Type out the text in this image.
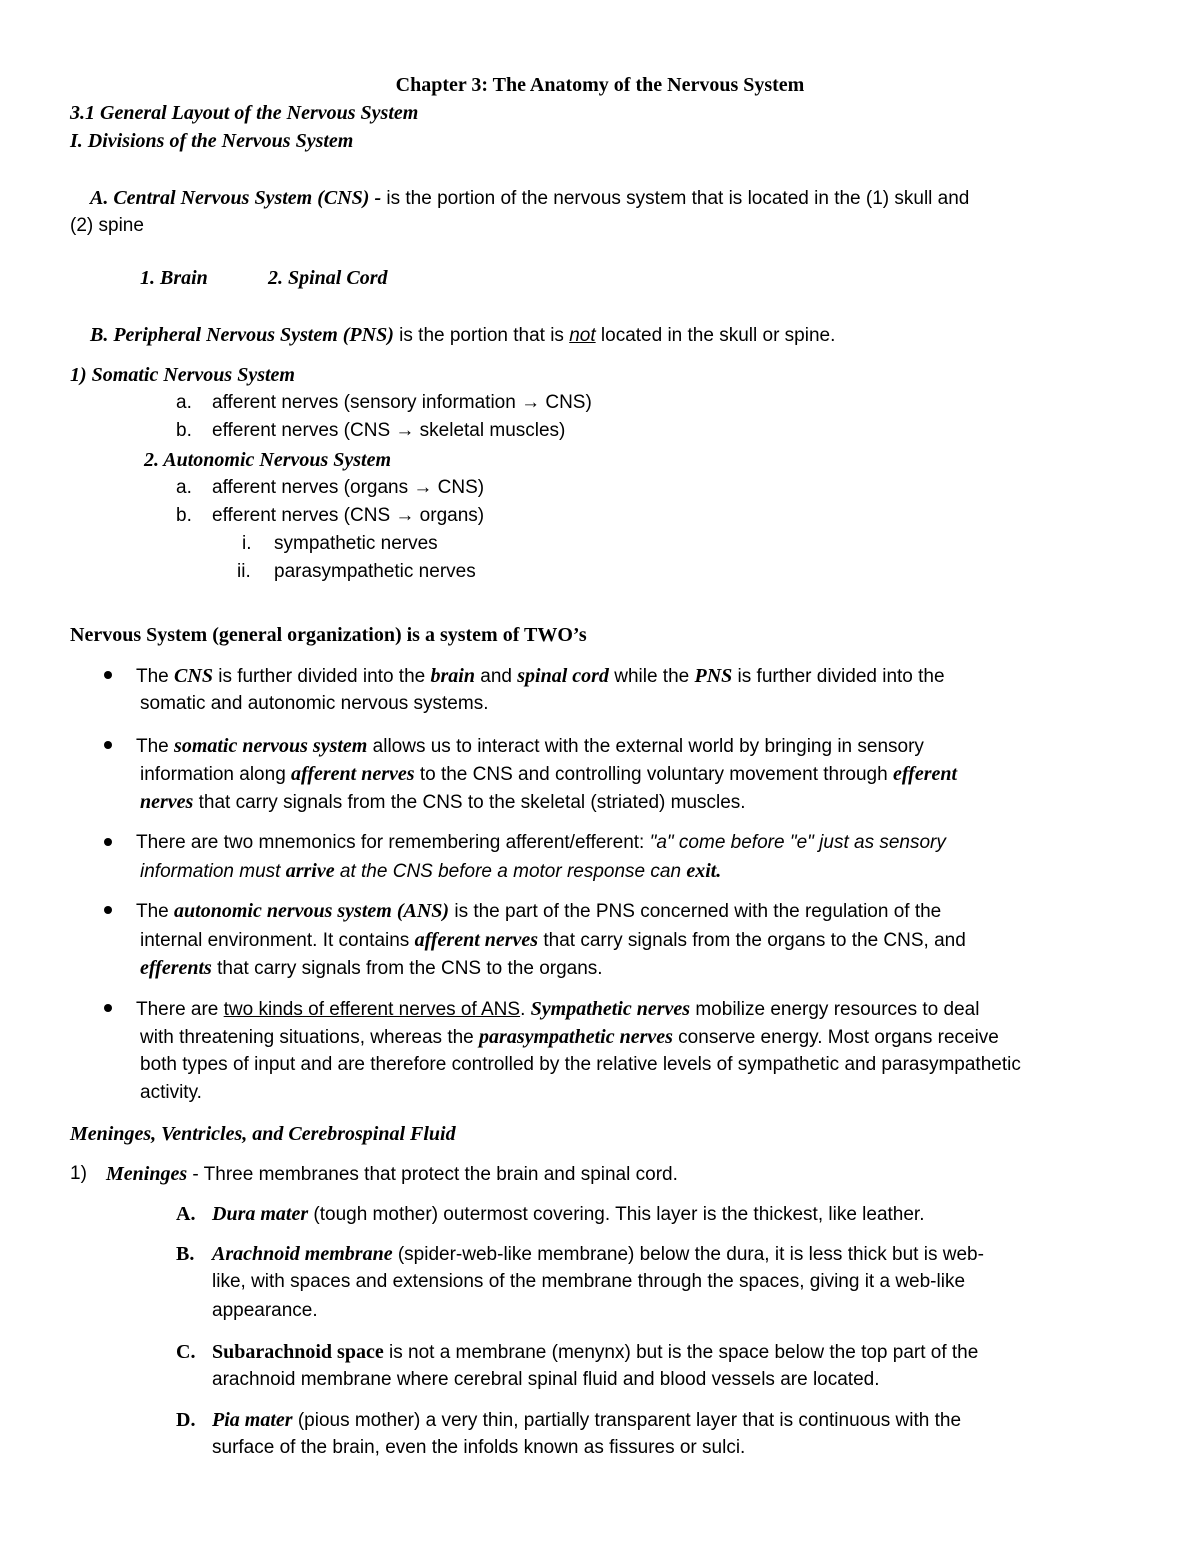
Chapter 3: The Anatomy of the Nervous System
3.1 General Layout of the Nervous System
I. Divisions of the Nervous System
A. Central Nervous System (CNS) - is the portion of the nervous system that is located in the (1) skull and
(2) spine
1. Brain	2. Spinal Cord
B. Peripheral Nervous System (PNS) is the portion that is not located in the skull or spine.
1) Somatic Nervous System
a. afferent nerves (sensory information → CNS)
b. efferent nerves (CNS → skeletal muscles)
2. Autonomic Nervous System
a. afferent nerves (organs → CNS)
b. efferent nerves (CNS → organs)
i. sympathetic nerves
ii. parasympathetic nerves
Nervous System (general organization) is a system of TWO’s
The CNS is further divided into the brain and spinal cord while the PNS is further divided into the
somatic and autonomic nervous systems.
The somatic nervous system allows us to interact with the external world by bringing in sensory
information along afferent nerves to the CNS and controlling voluntary movement through efferent
nerves that carry signals from the CNS to the skeletal (striated) muscles.
There are two mnemonics for remembering afferent/efferent: "a" come before "e" just as sensory
information must arrive at the CNS before a motor response can exit.
The autonomic nervous system (ANS) is the part of the PNS concerned with the regulation of the
internal environment. It contains afferent nerves that carry signals from the organs to the CNS, and
efferents that carry signals from the CNS to the organs.
There are two kinds of efferent nerves of ANS. Sympathetic nerves mobilize energy resources to deal
with threatening situations, whereas the parasympathetic nerves conserve energy. Most organs receive
both types of input and are therefore controlled by the relative levels of sympathetic and parasympathetic
activity.
Meninges, Ventricles, and Cerebrospinal Fluid
1) Meninges - Three membranes that protect the brain and spinal cord.
A. Dura mater (tough mother) outermost covering. This layer is the thickest, like leather.
B. Arachnoid membrane (spider-web-like membrane) below the dura, it is less thick but is web-
like, with spaces and extensions of the membrane through the spaces, giving it a web-like
appearance.
C. Subarachnoid space is not a membrane (menynx) but is the space below the top part of the
arachnoid membrane where cerebral spinal fluid and blood vessels are located.
D. Pia mater (pious mother) a very thin, partially transparent layer that is continuous with the
surface of the brain, even the infolds known as fissures or sulci.
